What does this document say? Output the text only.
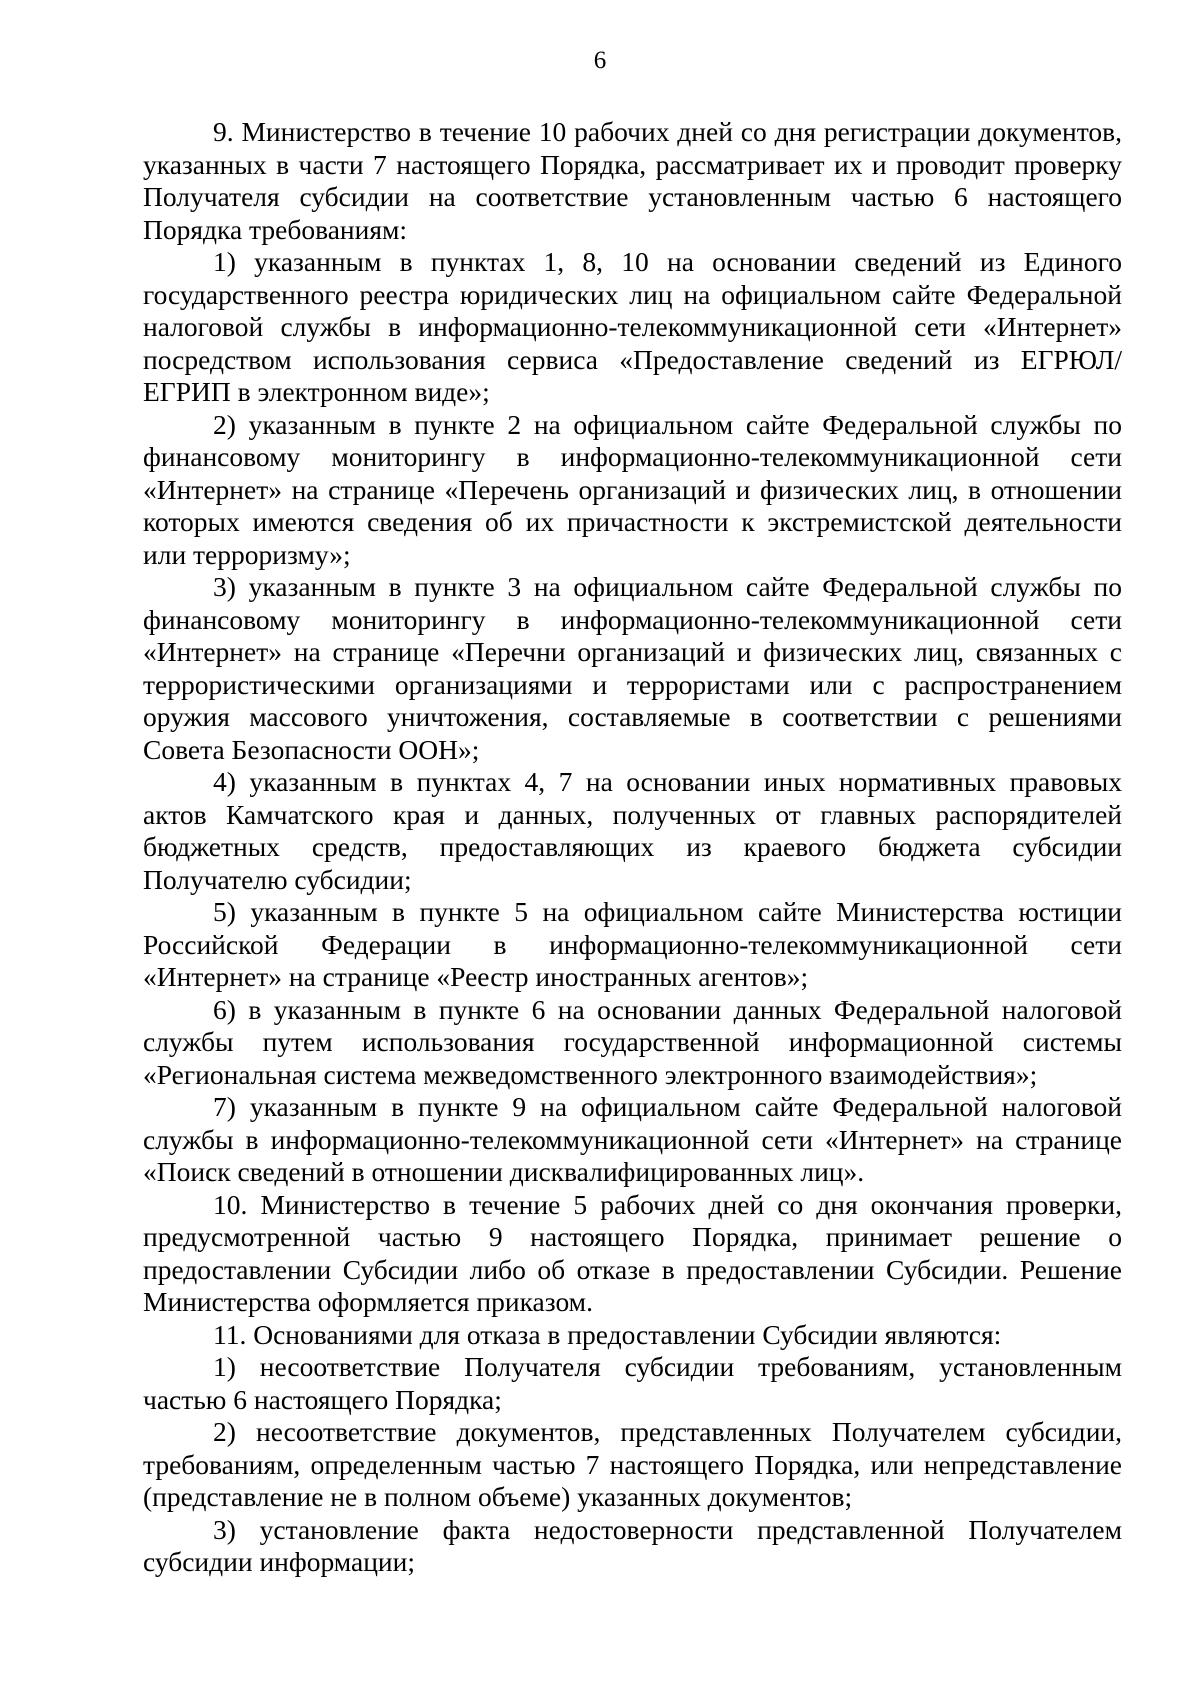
6

9. Министерство в течение 10 рабочих дней со дня регистрации документов, указанных в части 7 настоящего Порядка, рассматривает их и проводит проверку Получателя субсидии на соответствие установленным частью 6 настоящего Порядка требованиям:

1) указанным в пунктах 1, 8, 10 на основании сведений из Единого государственного реестра юридических лиц на официальном сайте Федеральной налоговой службы в информационно-телекоммуникационной сети «Интернет» посредством использования сервиса «Предоставление сведений из ЕГРЮЛ/ЕГРИП в электронном виде»;

2) указанным в пункте 2 на официальном сайте Федеральной службы по финансовому мониторингу в информационно-телекоммуникационной сети «Интернет» на странице «Перечень организаций и физических лиц, в отношении которых имеются сведения об их причастности к экстремистской деятельности или терроризму»;

3) указанным в пункте 3 на официальном сайте Федеральной службы по финансовому мониторингу в информационно-телекоммуникационной сети «Интернет» на странице «Перечни организаций и физических лиц, связанных с террористическими организациями и террористами или с распространением оружия массового уничтожения, составляемые в соответствии с решениями Совета Безопасности ООН»;

4) указанным в пунктах 4, 7 на основании иных нормативных правовых актов Камчатского края и данных, полученных от главных распорядителей бюджетных средств, предоставляющих из краевого бюджета субсидии Получателю субсидии;

5) указанным в пункте 5 на официальном сайте Министерства юстиции Российской Федерации в информационно-телекоммуникационной сети «Интернет» на странице «Реестр иностранных агентов»;

6) в указанным в пункте 6 на основании данных Федеральной налоговой службы путем использования государственной информационной системы «Региональная система межведомственного электронного взаимодействия»;

7) указанным в пункте 9 на официальном сайте Федеральной налоговой службы в информационно-телекоммуникационной сети «Интернет» на странице «Поиск сведений в отношении дисквалифицированных лиц».

10. Министерство в течение 5 рабочих дней со дня окончания проверки, предусмотренной частью 9 настоящего Порядка, принимает решение о предоставлении Субсидии либо об отказе в предоставлении Субсидии. Решение Министерства оформляется приказом.

11. Основаниями для отказа в предоставлении Субсидии являются:

1) несоответствие Получателя субсидии требованиям, установленным частью 6 настоящего Порядка;

2) несоответствие документов, представленных Получателем субсидии, требованиям, определенным частью 7 настоящего Порядка, или непредставление (представление не в полном объеме) указанных документов;

3) установление факта недостоверности представленной Получателем субсидии информации;
